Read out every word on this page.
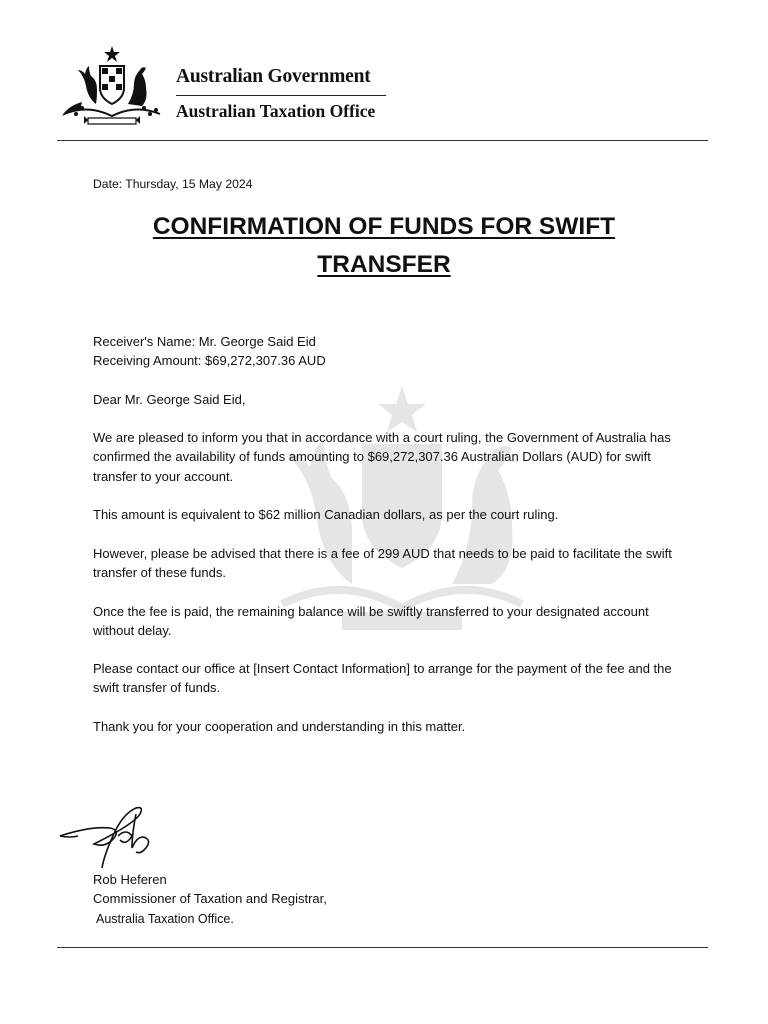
Australian Government
Australian Taxation Office
Date: Thursday, 15 May 2024
CONFIRMATION OF FUNDS FOR SWIFT
TRANSFER
Receiver's Name: Mr. George Said Eid
Receiving Amount: $69,272,307.36 AUD
Dear Mr. George Said Eid,
We are pleased to inform you that in accordance with a court ruling, the Government of Australia has confirmed the availability of funds amounting to $69,272,307.36 Australian Dollars (AUD) for swift transfer to your account.
This amount is equivalent to $62 million Canadian dollars, as per the court ruling.
However, please be advised that there is a fee of 299 AUD that needs to be paid to facilitate the swift transfer of these funds.
Once the fee is paid, the remaining balance will be swiftly transferred to your designated account without delay.
Please contact our office at [Insert Contact Information] to arrange for the payment of the fee and the swift transfer of funds.
Thank you for your cooperation and understanding in this matter.
Rob Heferen
Commissioner of Taxation and Registrar,
Australia Taxation Office.
